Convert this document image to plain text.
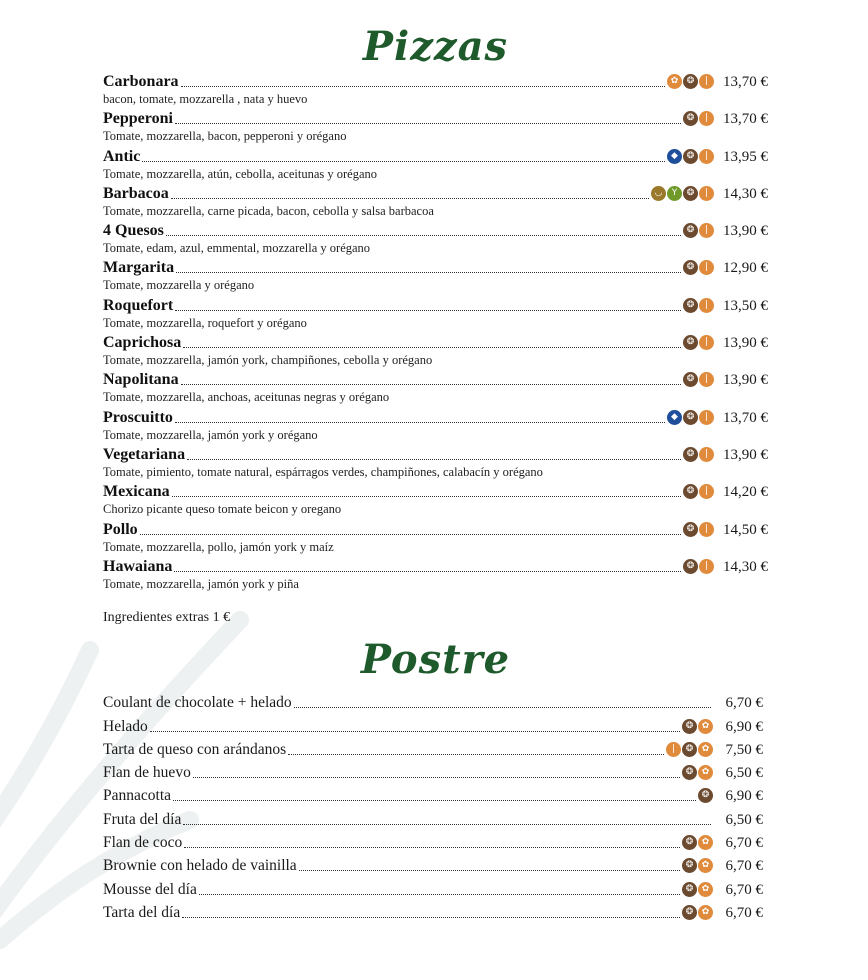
Pizzas
Carbonara	✿ ❂ ❘ 13,70 €
bacon, tomate, mozzarella , nata y huevo
Pepperoni	❂ ❘ 13,70 €
Tomate, mozzarella, bacon, pepperoni y orégano
Antic	◆ ❂ ❘ 13,95 €
Tomate, mozzarella, atún, cebolla, aceitunas y orégano
Barbacoa	◡	Y	❂ ❘ 14,30 €
Tomate, mozzarella, carne picada, bacon, cebolla y salsa barbacoa
4 Quesos	❂ ❘ 13,90 €
Tomate, edam, azul, emmental, mozzarella y orégano
Margarita	❂ ❘ 12,90 €
Tomate, mozzarella y orégano
Roquefort	❂ ❘ 13,50 €
Tomate, mozzarella, roquefort y orégano
Caprichosa	❂ ❘ 13,90 €
Tomate, mozzarella, jamón york, champiñones, cebolla y orégano
Napolitana	❂ ❘ 13,90 €
Tomate, mozzarella, anchoas, aceitunas negras y orégano
Proscuitto	◆ ❂ ❘ 13,70 €
Tomate, mozzarella, jamón york y orégano
Vegetariana	❂ ❘ 13,90 €
Tomate, pimiento, tomate natural, espárragos verdes, champiñones, calabacín y orégano
Mexicana	❂ ❘ 14,20 €
Chorizo picante queso tomate beicon y oregano
Pollo	❂ ❘ 14,50 €
Tomate, mozzarella, pollo, jamón york y maíz
Hawaiana	❂ ❘ 14,30 €
Tomate, mozzarella, jamón york y piña
Ingredientes extras 1 €
Postre
Coulant de chocolate + helado	6,70 €
Helado	❂ ✿	6,90 €
Tarta de queso con arándanos	❘ ❂ ✿	7,50 €
Flan de huevo	❂ ✿	6,50 €
Pannacotta	❂	6,90 €
Fruta del día	6,50 €
Flan de coco	❂ ✿	6,70 €
Brownie con helado de vainilla	❂ ✿	6,70 €
Mousse del día	❂ ✿	6,70 €
Tarta del día	❂ ✿	6,70 €
